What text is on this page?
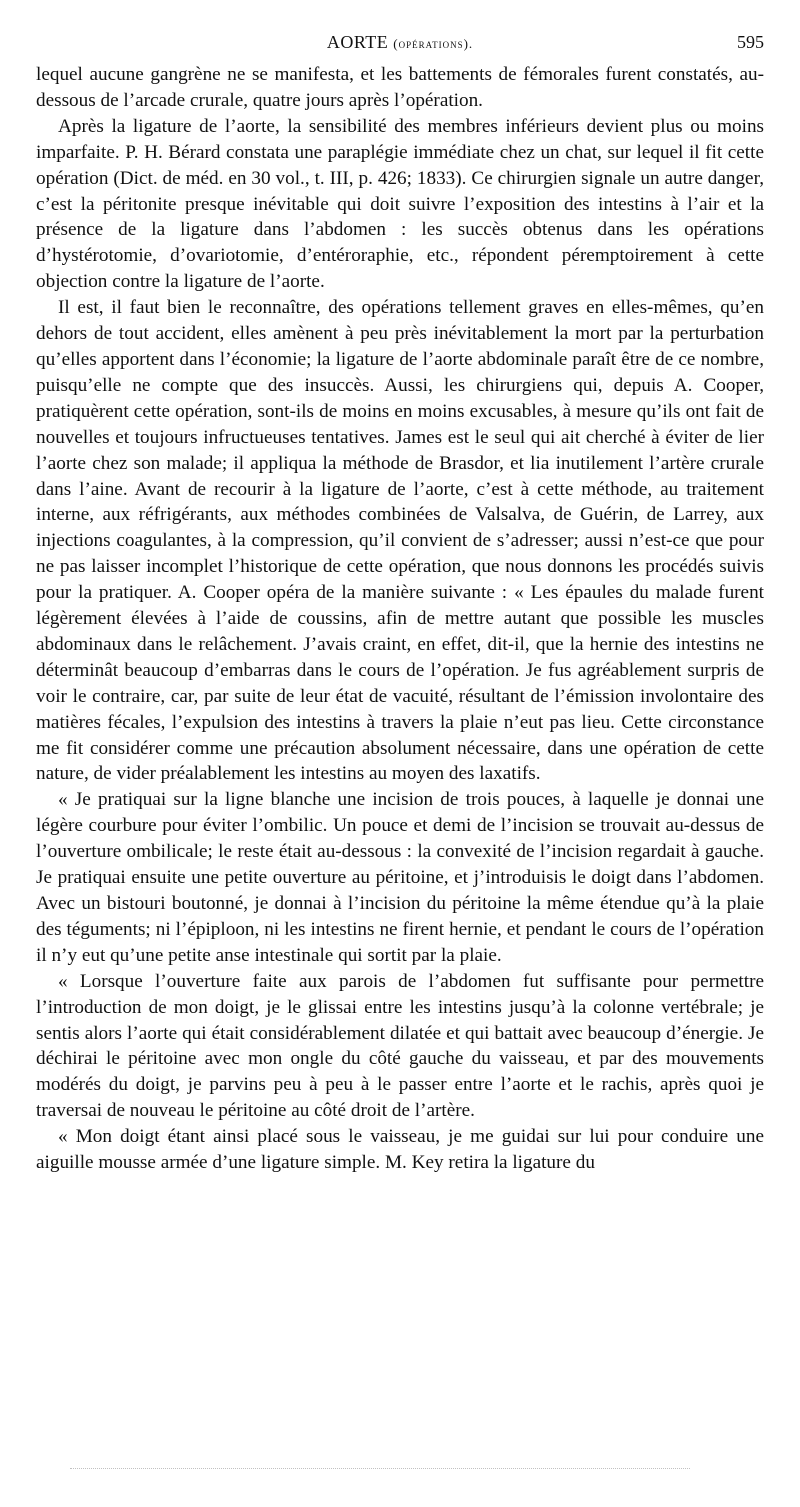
AORTE (opérations).	595

lequel aucune gangrène ne se manifesta, et les battements de fémorales furent constatés, au-dessous de l’arcade crurale, quatre jours après l’opération.

Après la ligature de l’aorte, la sensibilité des membres inférieurs devient plus ou moins imparfaite. P. H. Bérard constata une paraplégie immédiate chez un chat, sur lequel il fit cette opération (Dict. de méd. en 30 vol., t. III, p. 426; 1833). Ce chirurgien signale un autre danger, c’est la péritonite presque inévitable qui doit suivre l’exposition des intestins à l’air et la présence de la ligature dans l’abdomen : les succès obtenus dans les opérations d’hystérotomie, d’ovariotomie, d’entéroraphie, etc., répondent péremptoirement à cette objection contre la ligature de l’aorte.

Il est, il faut bien le reconnaître, des opérations tellement graves en elles-mêmes, qu’en dehors de tout accident, elles amènent à peu près inévitablement la mort par la perturbation qu’elles apportent dans l’économie; la ligature de l’aorte abdominale paraît être de ce nombre, puisqu’elle ne compte que des insuccès. Aussi, les chirurgiens qui, depuis A. Cooper, pratiquèrent cette opération, sont-ils de moins en moins excusables, à mesure qu’ils ont fait de nouvelles et toujours infructueuses tentatives. James est le seul qui ait cherché à éviter de lier l’aorte chez son malade; il appliqua la méthode de Brasdor, et lia inutilement l’artère crurale dans l’aine. Avant de recourir à la ligature de l’aorte, c’est à cette méthode, au traitement interne, aux réfrigérants, aux méthodes combinées de Valsalva, de Guérin, de Larrey, aux injections coagulantes, à la compression, qu’il convient de s’adresser; aussi n’est-ce que pour ne pas laisser incomplet l’historique de cette opération, que nous donnons les procédés suivis pour la pratiquer. A. Cooper opéra de la manière suivante : « Les épaules du malade furent légèrement élevées à l’aide de coussins, afin de mettre autant que possible les muscles abdominaux dans le relâchement. J’avais craint, en effet, dit-il, que la hernie des intestins ne déterminât beaucoup d’embarras dans le cours de l’opération. Je fus agréablement surpris de voir le contraire, car, par suite de leur état de vacuité, résultant de l’émission involontaire des matières fécales, l’expulsion des intestins à travers la plaie n’eut pas lieu. Cette circonstance me fit considérer comme une précaution absolument nécessaire, dans une opération de cette nature, de vider préalablement les intestins au moyen des laxatifs.

« Je pratiquai sur la ligne blanche une incision de trois pouces, à laquelle je donnai une légère courbure pour éviter l’ombilic. Un pouce et demi de l’incision se trouvait au-dessus de l’ouverture ombilicale; le reste était au-dessous : la convexité de l’incision regardait à gauche. Je pratiquai ensuite une petite ouverture au péritoine, et j’introduisis le doigt dans l’abdomen. Avec un bistouri boutonné, je donnai à l’incision du péritoine la même étendue qu’à la plaie des téguments; ni l’épiploon, ni les intestins ne firent hernie, et pendant le cours de l’opération il n’y eut qu’une petite anse intestinale qui sortit par la plaie.

« Lorsque l’ouverture faite aux parois de l’abdomen fut suffisante pour permettre l’introduction de mon doigt, je le glissai entre les intestins jusqu’à la colonne vertébrale; je sentis alors l’aorte qui était considérablement dilatée et qui battait avec beaucoup d’énergie. Je déchirai le péritoine avec mon ongle du côté gauche du vaisseau, et par des mouvements modérés du doigt, je parvins peu à peu à le passer entre l’aorte et le rachis, après quoi je traversai de nouveau le péritoine au côté droit de l’artère.

« Mon doigt étant ainsi placé sous le vaisseau, je me guidai sur lui pour conduire une aiguille mousse armée d’une ligature simple. M. Key retira la ligature du
